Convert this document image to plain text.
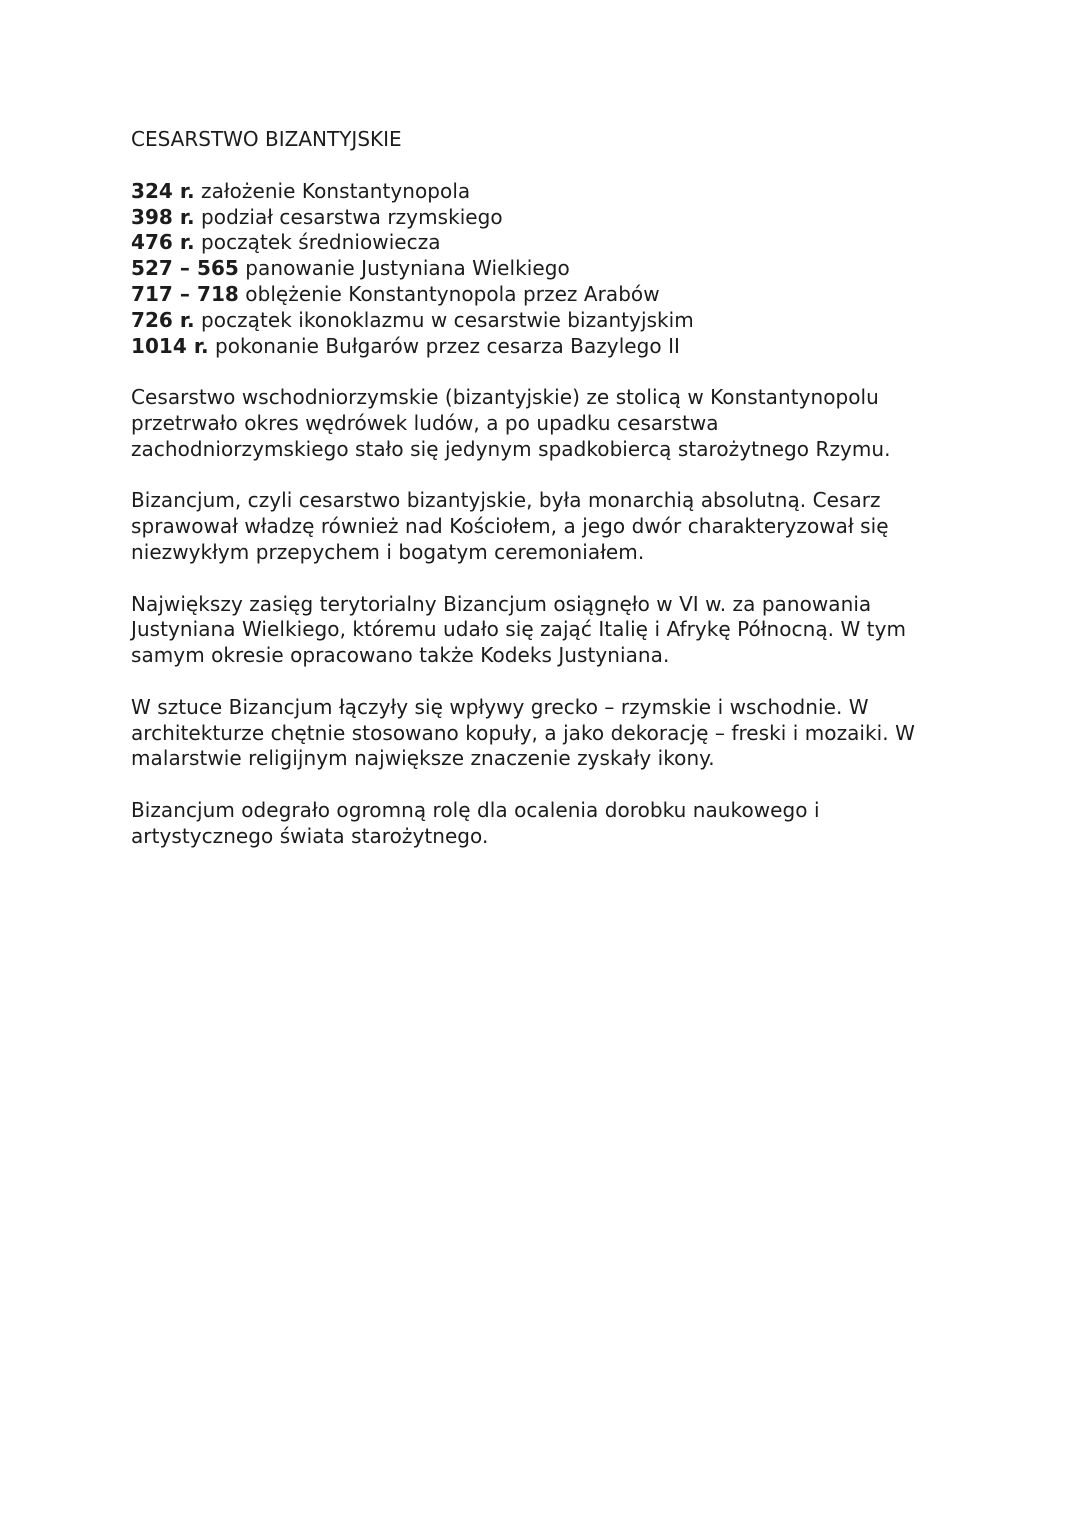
CESARSTWO BIZANTYJSKIE
324 r. założenie Konstantynopola
398 r. podział cesarstwa rzymskiego
476 r. początek średniowiecza
527 – 565 panowanie Justyniana Wielkiego
717 – 718 oblężenie Konstantynopola przez Arabów
726 r. początek ikonoklazmu w cesarstwie bizantyjskim
1014 r. pokonanie Bułgarów przez cesarza Bazylego II
Cesarstwo wschodniorzymskie (bizantyjskie) ze stolicą w Konstantynopolu
przetrwało okres wędrówek ludów, a po upadku cesarstwa
zachodniorzymskiego stało się jedynym spadkobiercą starożytnego Rzymu.
Bizancjum, czyli cesarstwo bizantyjskie, była monarchią absolutną. Cesarz
sprawował władzę również nad Kościołem, a jego dwór charakteryzował się
niezwykłym przepychem i bogatym ceremoniałem.
Największy zasięg terytorialny Bizancjum osiągnęło w VI w. za panowania
Justyniana Wielkiego, któremu udało się zająć Italię i Afrykę Północną. W tym
samym okresie opracowano także Kodeks Justyniana.
W sztuce Bizancjum łączyły się wpływy grecko – rzymskie i wschodnie. W
architekturze chętnie stosowano kopuły, a jako dekorację – freski i mozaiki. W
malarstwie religijnym największe znaczenie zyskały ikony.
Bizancjum odegrało ogromną rolę dla ocalenia dorobku naukowego i
artystycznego świata starożytnego.
